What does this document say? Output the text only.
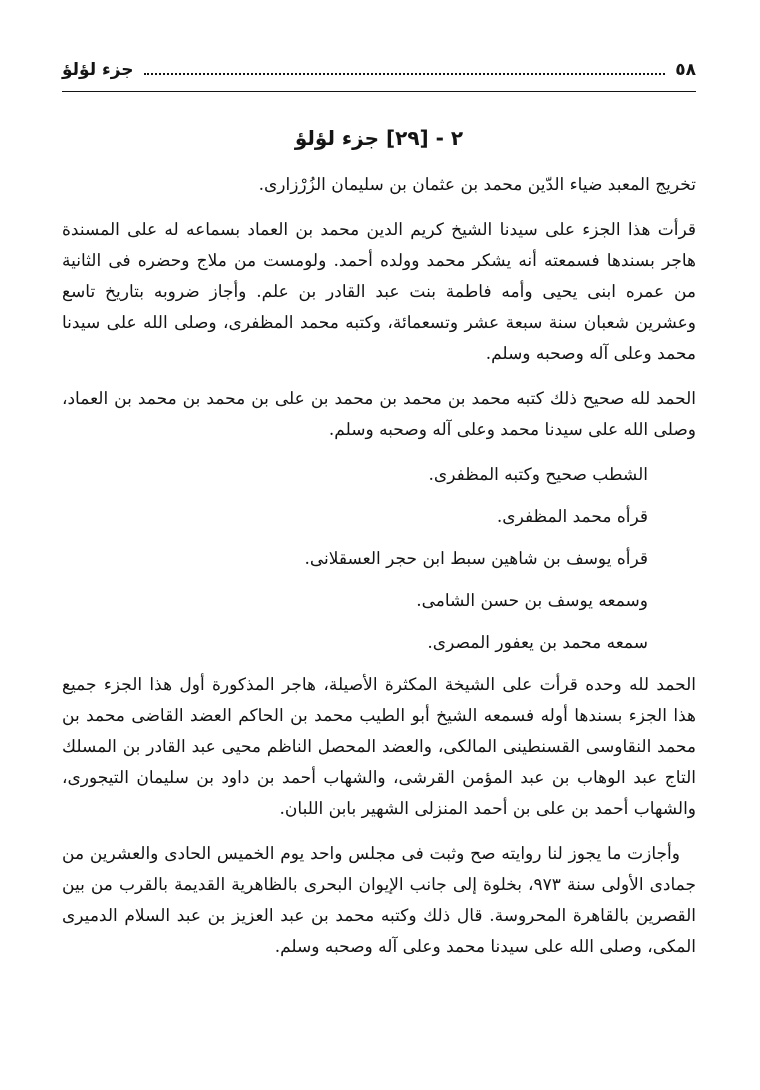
٥٨
جزء لؤلؤ
٢ - [٢٩] جزء لؤلؤ

تخريج المعبد ضياء الدّين محمد بن عثمان بن سليمان الزُرْزارى.

قرأت هذا الجزء على سيدنا الشيخ كريم الدين محمد بن العماد بسماعه له على المسندة هاجر بسندها فسمعته أنه يشكر محمد وولده أحمد. ولومست من ملاج وحضره فى الثانية من عمره ابنى يحيى وأمه فاطمة بنت عبد القادر بن علم. وأجاز ضروبه بتاريخ تاسع وعشرين شعبان سنة سبعة عشر وتسعمائة، وكتبه محمد المظفرى، وصلى الله على سيدنا محمد وعلى آله وصحبه وسلم.

الحمد لله صحيح ذلك كتبه محمد بن محمد بن محمد بن على بن محمد بن محمد بن العماد، وصلى الله على سيدنا محمد وعلى آله وصحبه وسلم.

الشطب صحيح وكتبه المظفرى.

قرأه محمد المظفرى.

قرأه يوسف بن شاهين سبط ابن حجر العسقلانى.

وسمعه يوسف بن حسن الشامى.

سمعه محمد بن يعفور المصرى.

الحمد لله وحده قرأت على الشيخة المكثرة الأصيلة، هاجر المذكورة أول هذا الجزء جميع هذا الجزء بسندها أوله فسمعه الشيخ أبو الطيب محمد بن الحاكم العضد القاضى محمد بن محمد النقاوسى القسنطينى المالكى، والعضد المحصل الناظم محيى عبد القادر بن المسلك التاج عبد الوهاب بن عبد المؤمن القرشى، والشهاب أحمد بن داود بن سليمان التيجورى، والشهاب أحمد بن على بن أحمد المنزلى الشهير بابن اللبان.

وأجازت ما يجوز لنا روايته صح وثبت فى مجلس واحد يوم الخميس الحادى والعشرين من جمادى الأولى سنة ٩٧٣، بخلوة إلى جانب الإيوان البحرى بالظاهرية القديمة بالقرب من بين القصرين بالقاهرة المحروسة. قال ذلك وكتبه محمد بن عبد العزيز بن عبد السلام الدميرى المكى، وصلى الله على سيدنا محمد وعلى آله وصحبه وسلم.
